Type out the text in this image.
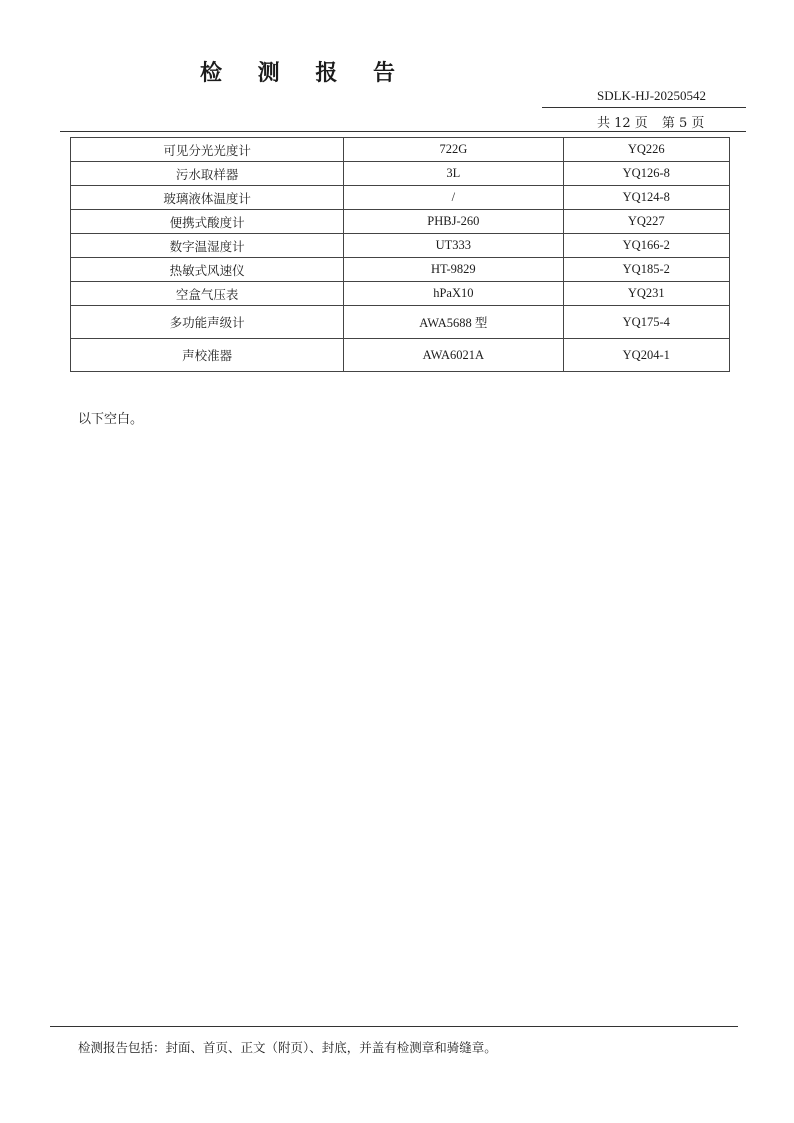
检 测 报 告
SDLK-HJ-20250542
共 12 页 第 5 页
可见分光光度计	722G	YQ226
污水取样器	3L	YQ126-8
玻璃液体温度计	/	YQ124-8
便携式酸度计	PHBJ-260	YQ227
数字温湿度计	UT333	YQ166-2
热敏式风速仪	HT-9829	YQ185-2
空盒气压表	hPaX10	YQ231
多功能声级计	AWA5688 型	YQ175-4
声校准器	AWA6021A	YQ204-1
以下空白。
检测报告包括：封面、首页、正文（附页）、封底，并盖有检测章和骑缝章。
